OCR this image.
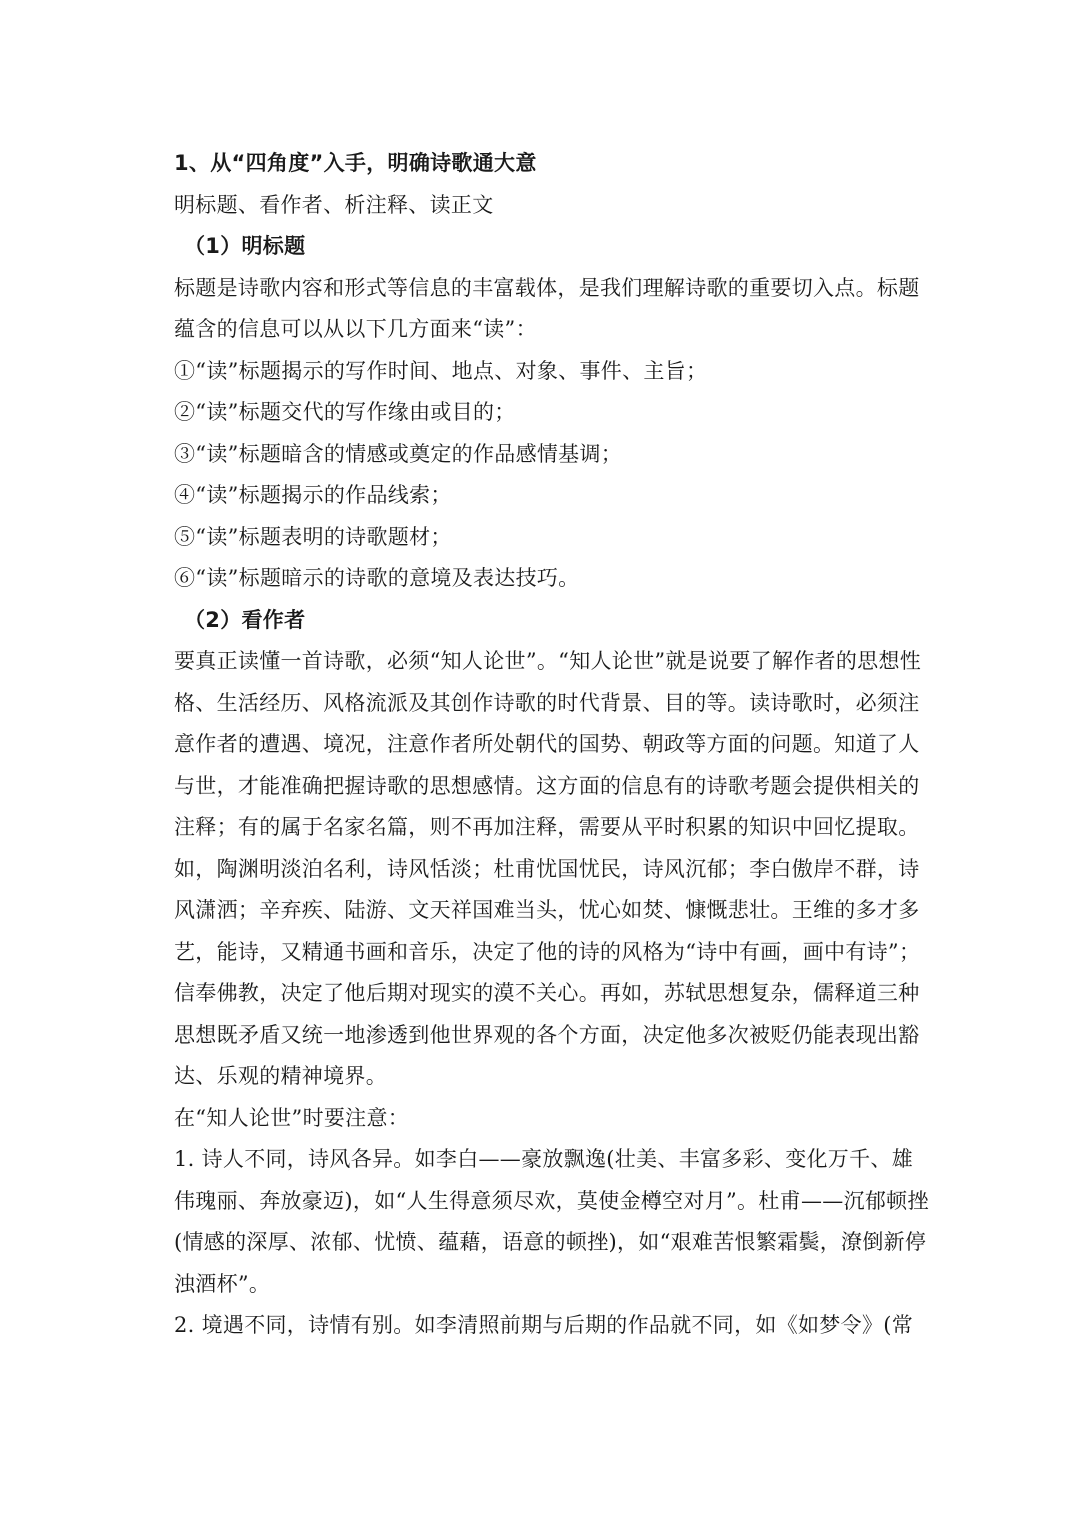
1、从“四角度”入手，明确诗歌通大意
明标题、看作者、析注释、读正文
（1）明标题
标题是诗歌内容和形式等信息的丰富载体，是我们理解诗歌的重要切入点。标题
蕴含的信息可以从以下几方面来“读”：
①“读”标题揭示的写作时间、地点、对象、事件、主旨；
②“读”标题交代的写作缘由或目的；
③“读”标题暗含的情感或奠定的作品感情基调；
④“读”标题揭示的作品线索；
⑤“读”标题表明的诗歌题材；
⑥“读”标题暗示的诗歌的意境及表达技巧。
（2）看作者
要真正读懂一首诗歌，必须“知人论世”。“知人论世”就是说要了解作者的思想性
格、生活经历、风格流派及其创作诗歌的时代背景、目的等。读诗歌时，必须注
意作者的遭遇、境况，注意作者所处朝代的国势、朝政等方面的问题。知道了人
与世，才能准确把握诗歌的思想感情。这方面的信息有的诗歌考题会提供相关的
注释；有的属于名家名篇，则不再加注释，需要从平时积累的知识中回忆提取。
如，陶渊明淡泊名利，诗风恬淡；杜甫忧国忧民，诗风沉郁；李白傲岸不群，诗
风潇洒；辛弃疾、陆游、文天祥国难当头，忧心如焚、慷慨悲壮。王维的多才多
艺，能诗，又精通书画和音乐，决定了他的诗的风格为“诗中有画，画中有诗”；
信奉佛教，决定了他后期对现实的漠不关心。再如，苏轼思想复杂，儒释道三种
思想既矛盾又统一地渗透到他世界观的各个方面，决定他多次被贬仍能表现出豁
达、乐观的精神境界。
在“知人论世”时要注意：
1. 诗人不同，诗风各异。如李白——豪放飘逸(壮美、丰富多彩、变化万千、雄
伟瑰丽、奔放豪迈)，如“人生得意须尽欢，莫使金樽空对月”。杜甫——沉郁顿挫
(情感的深厚、浓郁、忧愤、蕴藉，语意的顿挫)，如“艰难苦恨繁霜鬓，潦倒新停
浊酒杯”。
2. 境遇不同，诗情有别。如李清照前期与后期的作品就不同，如《如梦令》(常
